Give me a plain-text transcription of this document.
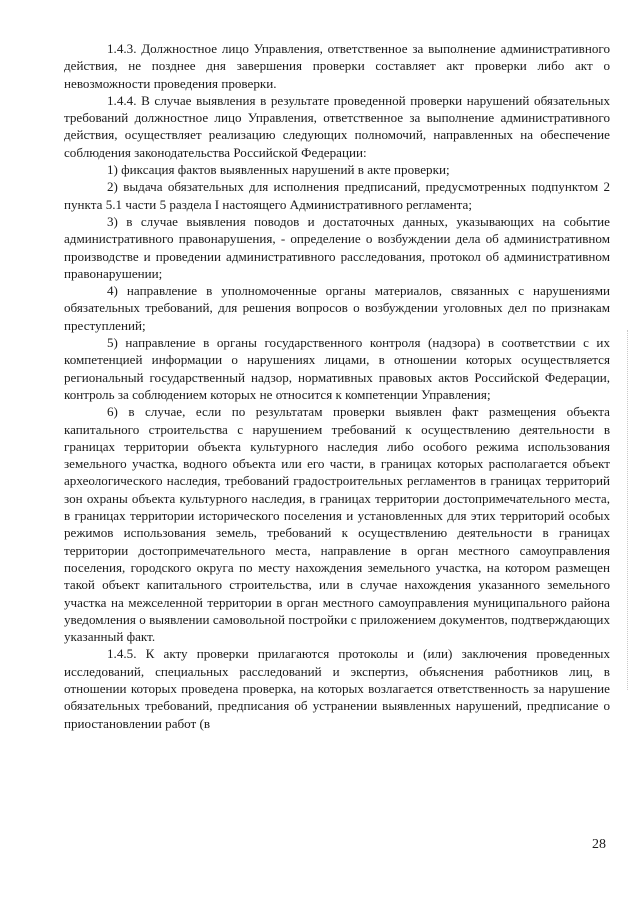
1.4.3. Должностное лицо Управления, ответственное за выполнение административного действия, не позднее дня завершения проверки составляет акт проверки либо акт о невозможности проведения проверки.

1.4.4. В случае выявления в результате проведенной проверки нарушений обязательных требований должностное лицо Управления, ответственное за выполнение административного действия, осуществляет реализацию следующих полномочий, направленных на обеспечение соблюдения законодательства Российской Федерации:

1) фиксация фактов выявленных нарушений в акте проверки;

2) выдача обязательных для исполнения предписаний, предусмотренных подпунктом 2 пункта 5.1 части 5 раздела I настоящего Административного регламента;

3) в случае выявления поводов и достаточных данных, указывающих на событие административного правонарушения, - определение о возбуждении дела об административном производстве и проведении административного расследования, протокол об административном правонарушении;

4) направление в уполномоченные органы материалов, связанных с нарушениями обязательных требований, для решения вопросов о возбуждении уголовных дел по признакам преступлений;

5) направление в органы государственного контроля (надзора) в соответствии с их компетенцией информации о нарушениях лицами, в отношении которых осуществляется региональный государственный надзор, нормативных правовых актов Российской Федерации, контроль за соблюдением которых не относится к компетенции Управления;

6) в случае, если по результатам проверки выявлен факт размещения объекта капитального строительства с нарушением требований к осуществлению деятельности в границах территории объекта культурного наследия либо особого режима использования земельного участка, водного объекта или его части, в границах которых располагается объект археологического наследия, требований градостроительных регламентов в границах территорий зон охраны объекта культурного наследия, в границах территории достопримечательного места, в границах территории исторического поселения и установленных для этих территорий особых режимов использования земель, требований к осуществлению деятельности в границах территории достопримечательного места, направление в орган местного самоуправления поселения, городского округа по месту нахождения земельного участка, на котором размещен такой объект капитального строительства, или в случае нахождения указанного земельного участка на межселенной территории в орган местного самоуправления муниципального района уведомления о выявлении самовольной постройки с приложением документов, подтверждающих указанный факт.

1.4.5. К акту проверки прилагаются протоколы и (или) заключения проведенных исследований, специальных расследований и экспертиз, объяснения работников лиц, в отношении которых проведена проверка, на которых возлагается ответственность за нарушение обязательных требований, предписания об устранении выявленных нарушений, предписание о приостановлении работ (в

28
